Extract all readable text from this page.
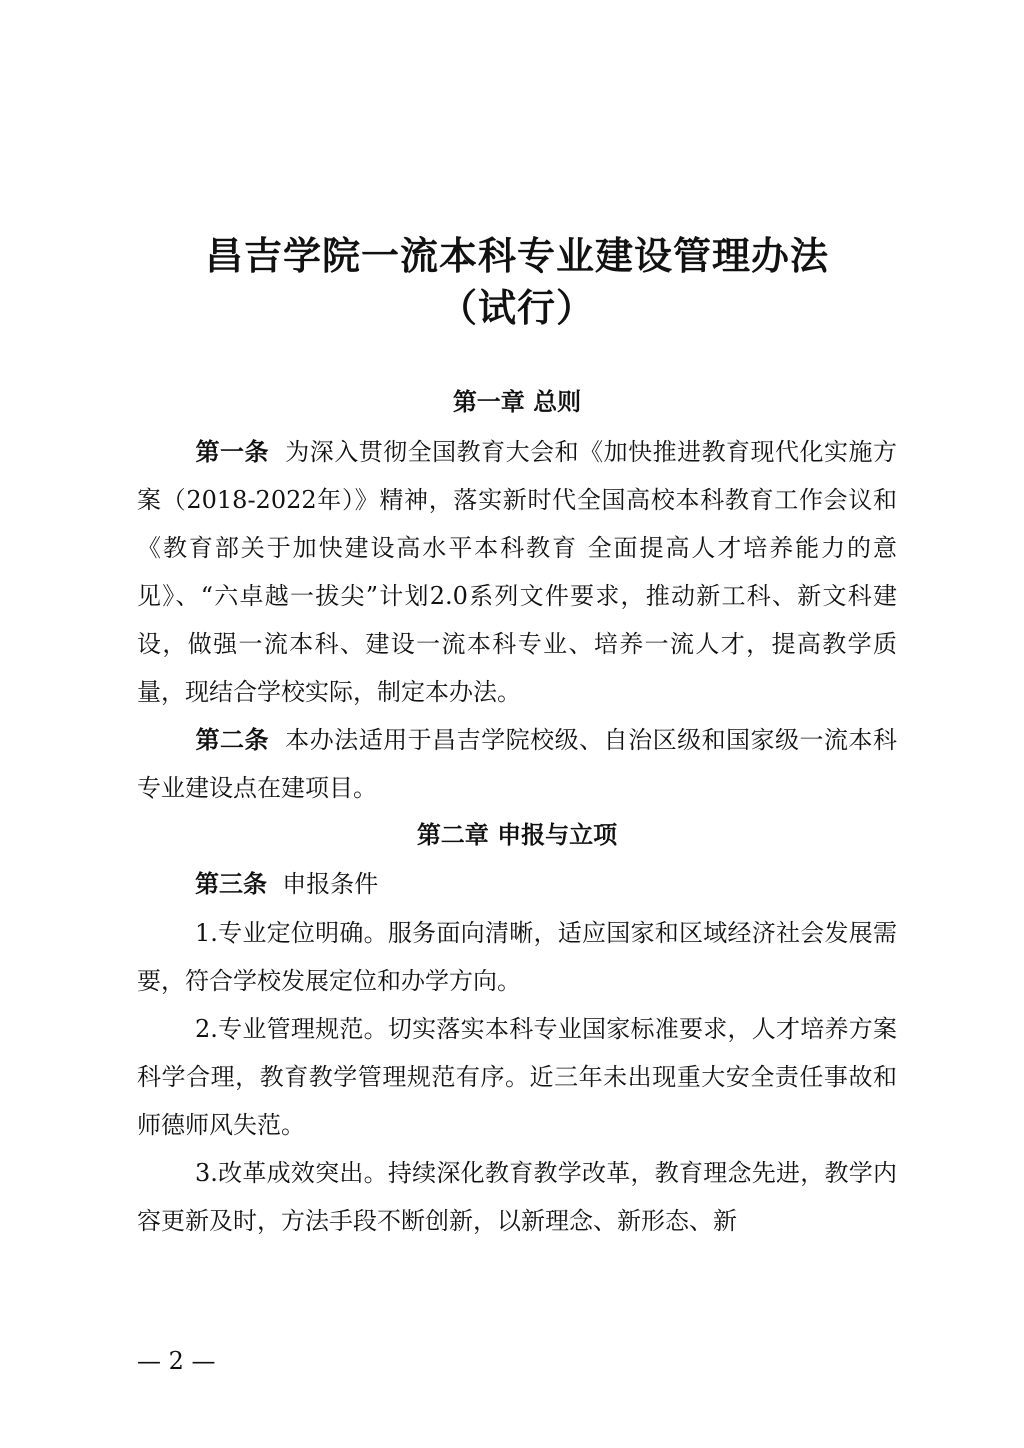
昌吉学院一流本科专业建设管理办法
（试行）
第一章 总则
第一条 为深入贯彻全国教育大会和《加快推进教育现代化实施方案（2018-2022年）》精神，落实新时代全国高校本科教育工作会议和《教育部关于加快建设高水平本科教育 全面提高人才培养能力的意见》、“六卓越一拔尖”计划2.0系列文件要求，推动新工科、新文科建设，做强一流本科、建设一流本科专业、培养一流人才，提高教学质量，现结合学校实际，制定本办法。
第二条 本办法适用于昌吉学院校级、自治区级和国家级一流本科专业建设点在建项目。
第二章 申报与立项
第三条 申报条件
1.专业定位明确。服务面向清晰，适应国家和区域经济社会发展需要，符合学校发展定位和办学方向。
2.专业管理规范。切实落实本科专业国家标准要求，人才培养方案科学合理，教育教学管理规范有序。近三年未出现重大安全责任事故和师德师风失范。
3.改革成效突出。持续深化教育教学改革，教育理念先进，教学内容更新及时，方法手段不断创新，以新理念、新形态、新
— 2 —
